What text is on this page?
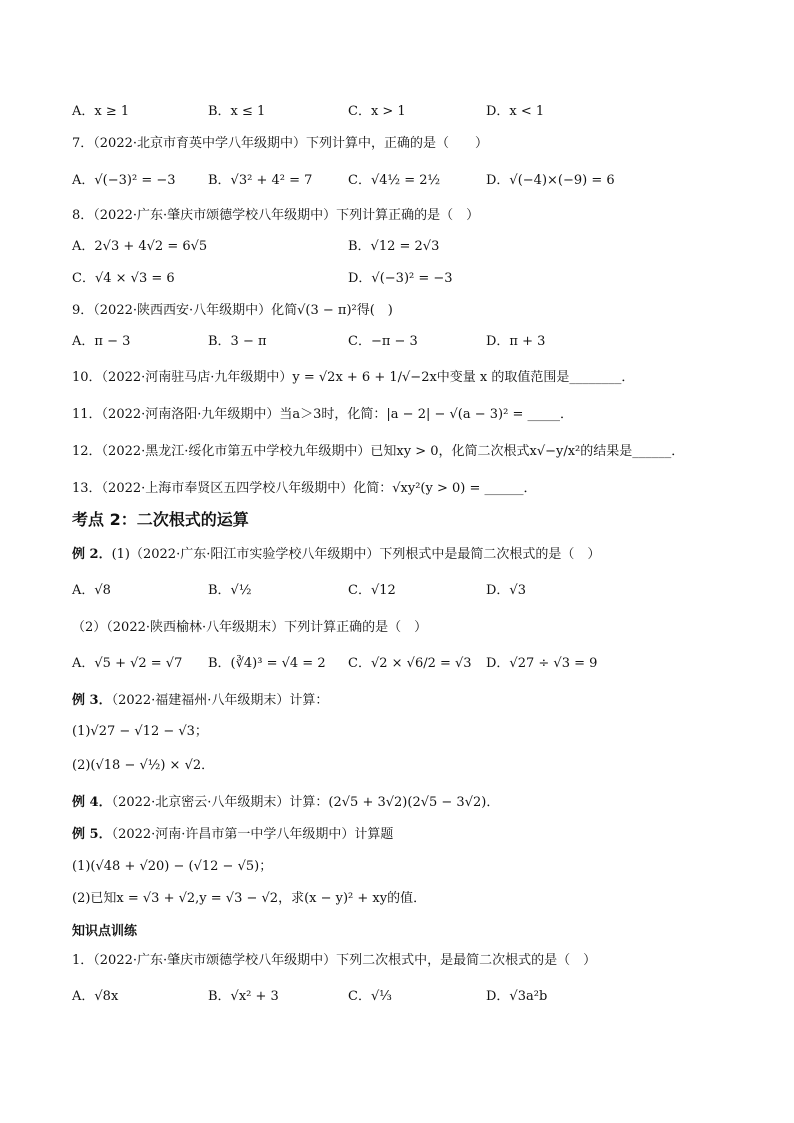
A．x ≥ 1	B．x ≤ 1	C．x > 1	D．x < 1
7．（2022·北京市育英中学八年级期中）下列计算中，正确的是（　　）
A．√(−3)² = −3 B．√3² + 4² = 7	C．√4½ = 2½	D．√(−4)×(−9) = 6
8．（2022·广东·肇庆市颂德学校八年级期中）下列计算正确的是（　）
A．2√3 + 4√2 = 6√5	B．√12 = 2√3
C．√4 × √3 = 6	D．√(−3)² = −3
9．（2022·陕西西安·八年级期中）化简√(3 − π)²得(　)
A．π − 3	B．3 − π	C．−π − 3	D．π + 3
10．（2022·河南驻马店·九年级期中）y = √2x + 6 + 1/√−2x中变量 x 的取值范围是________．
11．（2022·河南洛阳·九年级期中）当a＞3时，化简：|a − 2| − √(a − 3)² = _____．
12．（2022·黑龙江·绥化市第五中学校九年级期中）已知xy > 0，化简二次根式x√−y/x²的结果是______．
13．（2022·上海市奉贤区五四学校八年级期中）化简：√xy²(y > 0) = ______．
考点 2：二次根式的运算
例 2．(1)（2022·广东·阳江市实验学校八年级期中）下列根式中是最简二次根式的是（　）
A．√8	B．√½	C．√12	D．√3
（2）（2022·陕西榆林·八年级期末）下列计算正确的是（　）
A．√5 + √2 = √7 B．(∛4)³ = √4 = 2 C．√2 × √6/2 = √3 D．√27 ÷ √3 = 9
例 3．（2022·福建福州·八年级期末）计算：
(1)√27 − √12 − √3；
(2)(√18 − √½) × √2．
例 4．（2022·北京密云·八年级期末）计算：(2√5 + 3√2)(2√5 − 3√2)．
例 5．（2022·河南·许昌市第一中学八年级期中）计算题
(1)(√48 + √20) − (√12 − √5)；
(2)已知x = √3 + √2,y = √3 − √2，求(x − y)² + xy的值．
知识点训练
1．（2022·广东·肇庆市颂德学校八年级期中）下列二次根式中，是最简二次根式的是（　）
A．√8x	B．√x² + 3	C．√⅓	D．√3a²b
